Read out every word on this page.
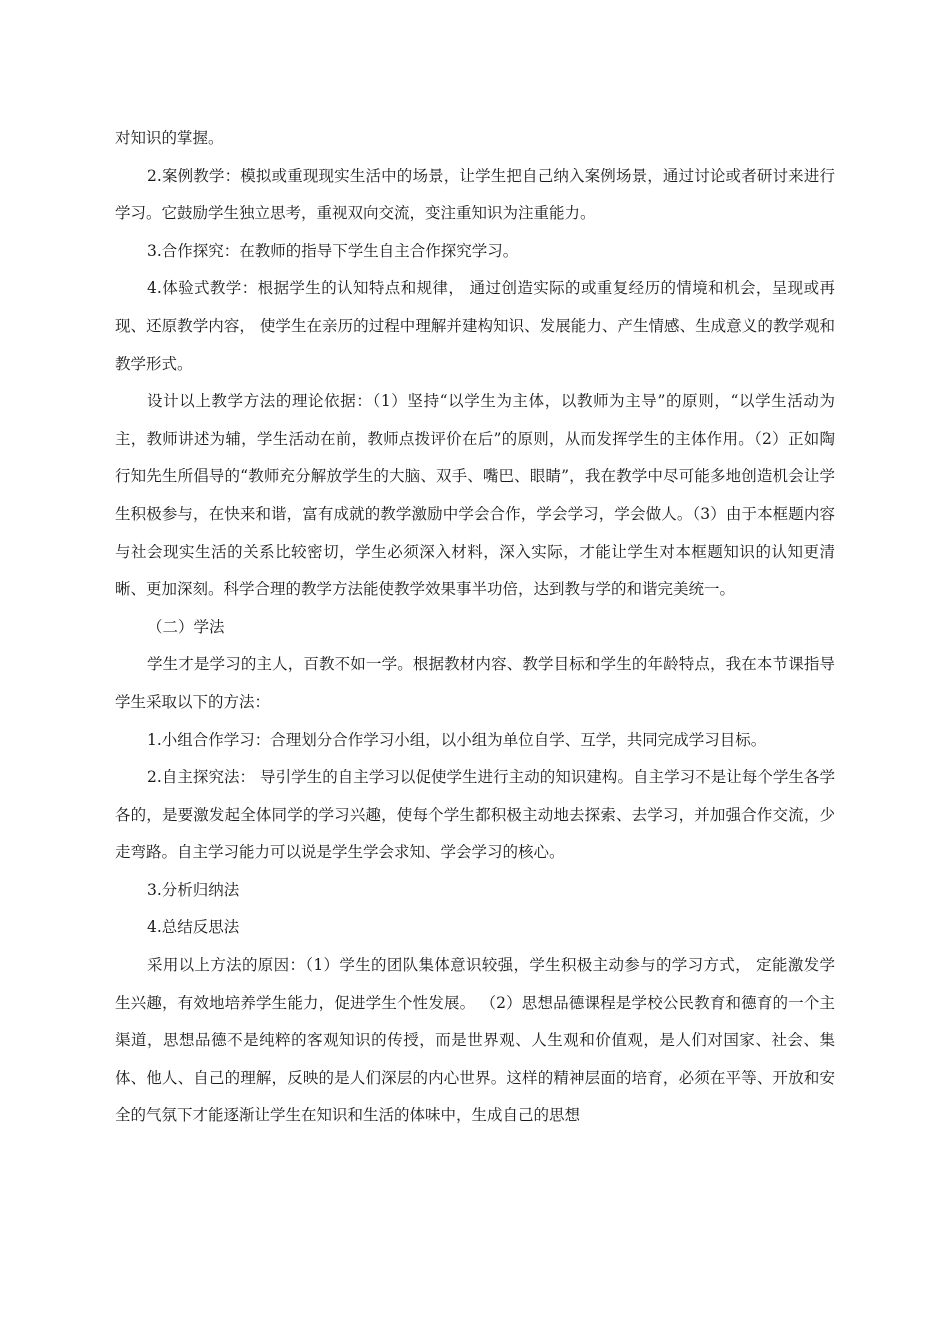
对知识的掌握。

2.案例教学：模拟或重现现实生活中的场景，让学生把自己纳入案例场景，通过讨论或者研讨来进行学习。它鼓励学生独立思考，重视双向交流，变注重知识为注重能力。

3.合作探究：在教师的指导下学生自主合作探究学习。

4.体验式教学：根据学生的认知特点和规律， 通过创造实际的或重复经历的情境和机会，呈现或再现、还原教学内容， 使学生在亲历的过程中理解并建构知识、发展能力、产生情感、生成意义的教学观和教学形式。

设计以上教学方法的理论依据：（1）坚持“以学生为主体，以教师为主导”的原则，“以学生活动为主，教师讲述为辅，学生活动在前，教师点拨评价在后”的原则，从而发挥学生的主体作用。（2）正如陶行知先生所倡导的“教师充分解放学生的大脑、双手、嘴巴、眼睛”，我在教学中尽可能多地创造机会让学生积极参与，在快来和谐，富有成就的教学激励中学会合作，学会学习，学会做人。（3）由于本框题内容与社会现实生活的关系比较密切，学生必须深入材料，深入实际，才能让学生对本框题知识的认知更清晰、更加深刻。科学合理的教学方法能使教学效果事半功倍，达到教与学的和谐完美统一。

（二）学法

学生才是学习的主人，百教不如一学。根据教材内容、教学目标和学生的年龄特点，我在本节课指导学生采取以下的方法：

1.小组合作学习：合理划分合作学习小组，以小组为单位自学、互学，共同完成学习目标。

2.自主探究法： 导引学生的自主学习以促使学生进行主动的知识建构。自主学习不是让每个学生各学各的，是要激发起全体同学的学习兴趣，使每个学生都积极主动地去探索、去学习，并加强合作交流，少走弯路。自主学习能力可以说是学生学会求知、学会学习的核心。

3.分析归纳法

4.总结反思法

采用以上方法的原因：（1）学生的团队集体意识较强，学生积极主动参与的学习方式， 定能激发学生兴趣，有效地培养学生能力，促进学生个性发展。 （2）思想品德课程是学校公民教育和德育的一个主渠道，思想品德不是纯粹的客观知识的传授，而是世界观、人生观和价值观，是人们对国家、社会、集体、他人、自己的理解，反映的是人们深层的内心世界。这样的精神层面的培育，必须在平等、开放和安全的气氛下才能逐渐让学生在知识和生活的体味中，生成自己的思想
